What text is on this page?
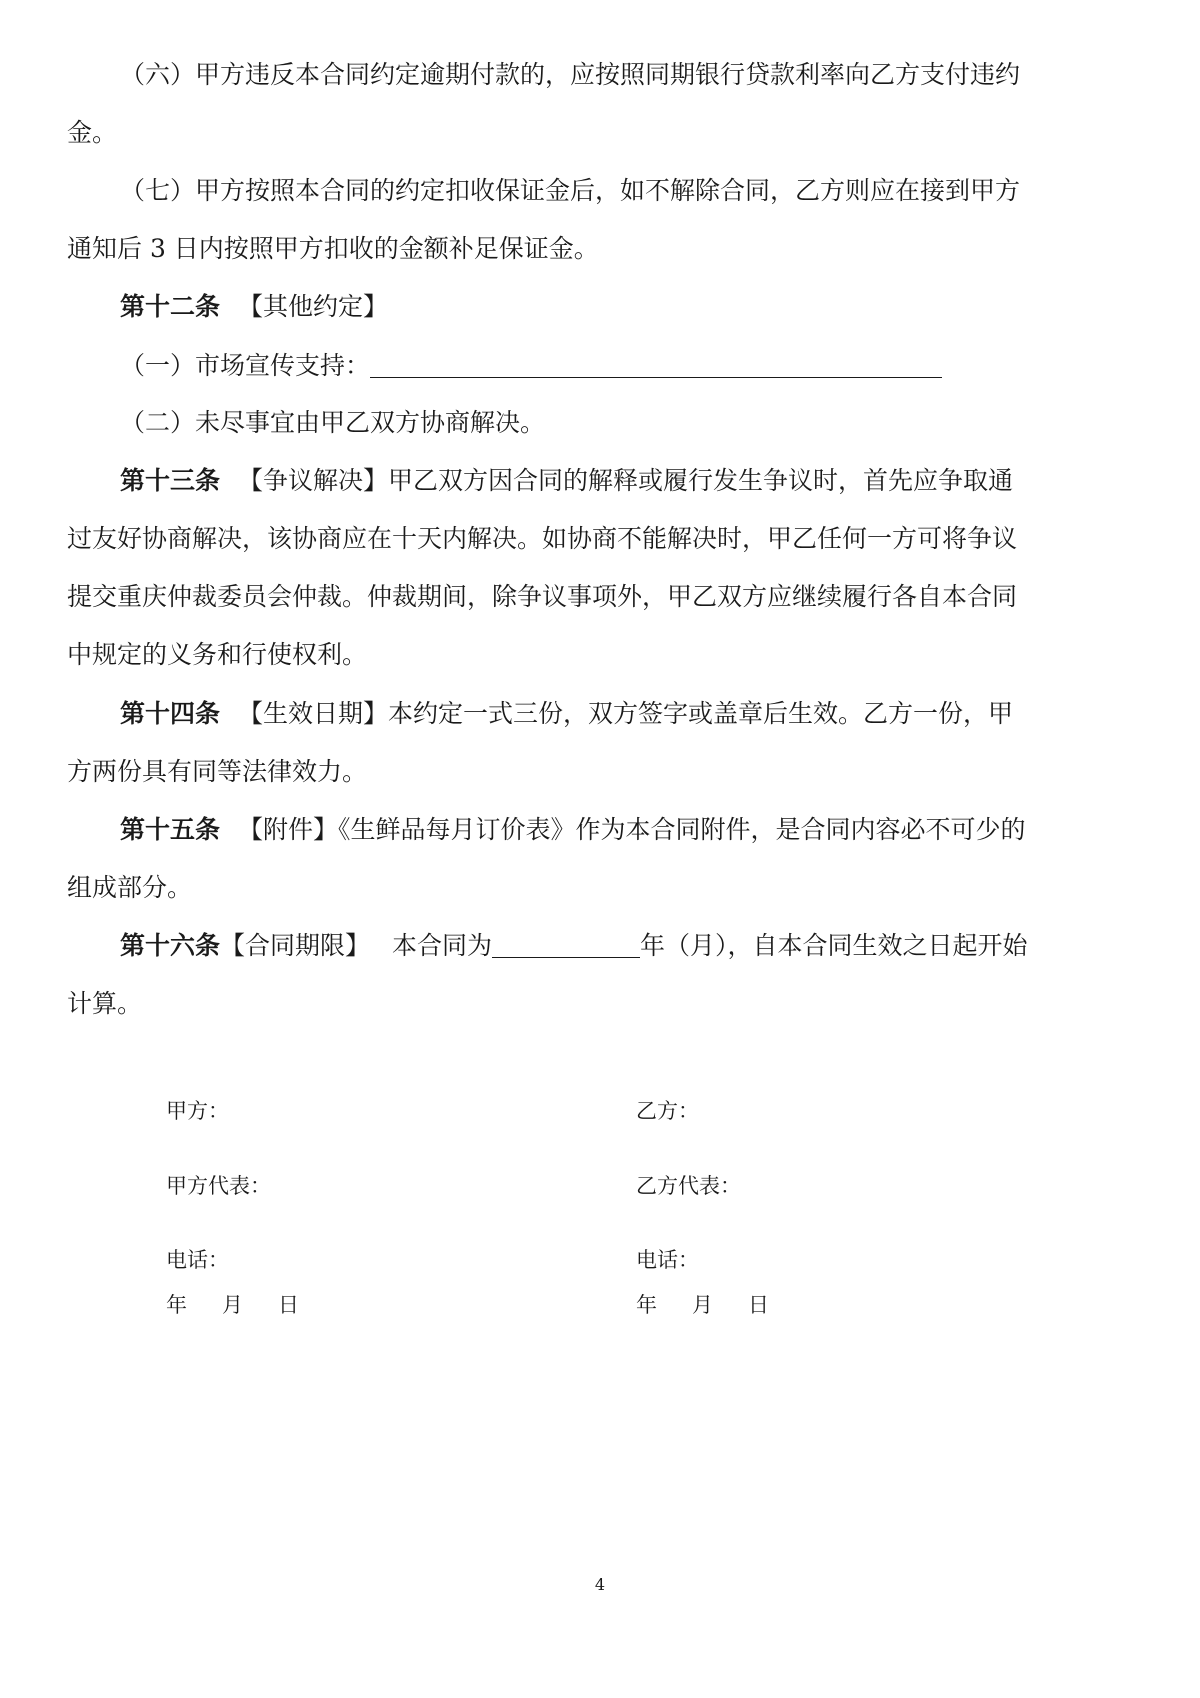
（六）甲方违反本合同约定逾期付款的，应按照同期银行贷款利率向乙方支付违约
金。
（七）甲方按照本合同的约定扣收保证金后，如不解除合同，乙方则应在接到甲方
通知后 3 日内按照甲方扣收的金额补足保证金。
第十二条 【其他约定】
（一）市场宣传支持：
（二）未尽事宜由甲乙双方协商解决。
第十三条 【争议解决】甲乙双方因合同的解释或履行发生争议时，首先应争取通
过友好协商解决，该协商应在十天内解决。如协商不能解决时，甲乙任何一方可将争议
提交重庆仲裁委员会仲裁。仲裁期间，除争议事项外，甲乙双方应继续履行各自本合同
中规定的义务和行使权利。
第十四条 【生效日期】本约定一式三份，双方签字或盖章后生效。乙方一份，甲
方两份具有同等法律效力。
第十五条 【附件】《生鲜品每月订价表》作为本合同附件，是合同内容必不可少的
组成部分。
第十六条【合同期限】 本合同为	年（月），自本合同生效之日起开始
计算。
甲方：	乙方：
甲方代表：	乙方代表：
电话：	电话：
年 月 日	年 月 日
4
